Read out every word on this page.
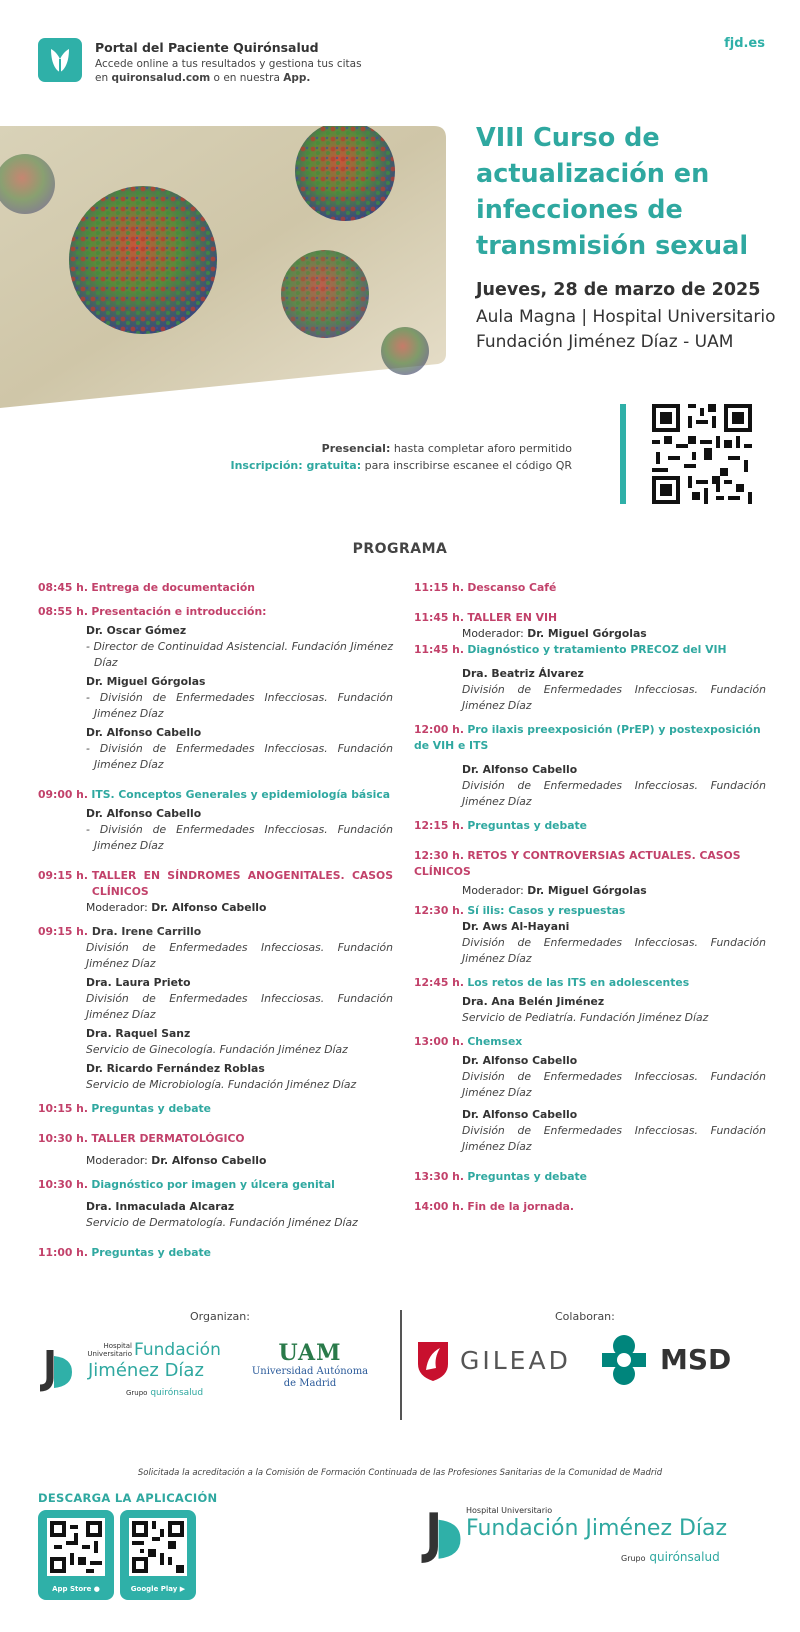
Portal del Paciente Quirónsalud
Accede online a tus resultados y gestiona tus citas
en quironsalud.com o en nuestra App.
fjd.es
VIII Curso de actualización en infecciones de transmisión sexual
Jueves, 28 de marzo de 2025
Aula Magna | Hospital Universitario Fundación Jiménez Díaz - UAM
Presencial: hasta completar aforo permitido
Inscripción: gratuita: para inscribirse escanee el código QR
PROGRAMA
08:45 h. Entrega de documentación
08:55 h. Presentación e introducción:
Dr. Oscar Gómez
- Director de Continuidad Asistencial. Fundación Jiménez Díaz
Dr. Miguel Górgolas
- División de Enfermedades Infecciosas. Fundación Jiménez Díaz
Dr. Alfonso Cabello
- División de Enfermedades Infecciosas. Fundación Jiménez Díaz
09:00 h. ITS. Conceptos Generales y epidemiología básica
Dr. Alfonso Cabello
- División de Enfermedades Infecciosas. Fundación Jiménez Díaz
09:15 h. TALLER EN SÍNDROMES ANOGENITALES. CASOS CLÍNICOS
Moderador: Dr. Alfonso Cabello
09:15 h. Dra. Irene Carrillo
División de Enfermedades Infecciosas. Fundación Jiménez Díaz
Dra. Laura Prieto
División de Enfermedades Infecciosas. Fundación Jiménez Díaz
Dra. Raquel Sanz
Servicio de Ginecología. Fundación Jiménez Díaz
Dr. Ricardo Fernández Roblas
Servicio de Microbiología. Fundación Jiménez Díaz
10:15 h. Preguntas y debate
10:30 h. TALLER DERMATOLÓGICO
Moderador: Dr. Alfonso Cabello
10:30 h. Diagnóstico por imagen y úlcera genital
Dra. Inmaculada Alcaraz
Servicio de Dermatología. Fundación Jiménez Díaz
11:00 h. Preguntas y debate
11:15 h. Descanso Café
11:45 h. TALLER EN VIH
Moderador: Dr. Miguel Górgolas
11:45 h. Diagnóstico y tratamiento PRECOZ del VIH
Dra. Beatriz Álvarez
División de Enfermedades Infecciosas. Fundación Jiménez Díaz
12:00 h. Pro ilaxis preexposición (PrEP) y postexposición de VIH e ITS
Dr. Alfonso Cabello
División de Enfermedades Infecciosas. Fundación Jiménez Díaz
12:15 h. Preguntas y debate
12:30 h. RETOS Y CONTROVERSIAS ACTUALES. CASOS CLÍNICOS
Moderador: Dr. Miguel Górgolas
12:30 h. Sí ilis: Casos y respuestas
Dr. Aws Al-Hayani
División de Enfermedades Infecciosas. Fundación Jiménez Díaz
12:45 h. Los retos de las ITS en adolescentes
Dra. Ana Belén Jiménez
Servicio de Pediatría. Fundación Jiménez Díaz
13:00 h. Chemsex
Dr. Alfonso Cabello
División de Enfermedades Infecciosas. Fundación Jiménez Díaz
Dr. Alfonso Cabello
División de Enfermedades Infecciosas. Fundación Jiménez Díaz
13:30 h. Preguntas y debate
14:00 h. Fin de la jornada.
Organizan:	Colaboran:
Hospital
Universitario Fundación
Jiménez Díaz
Grupo quirónsalud
UAM
Universidad Autónoma
de Madrid
GILEAD	MSD
Solicitada la acreditación a la Comisión de Formación Continuada de las Profesiones Sanitarias de la Comunidad de Madrid
DESCARGA LA APLICACIÓN
App Store ●	Google Play ▶
Hospital Universitario
Fundación Jiménez Díaz
Grupo quirónsalud
